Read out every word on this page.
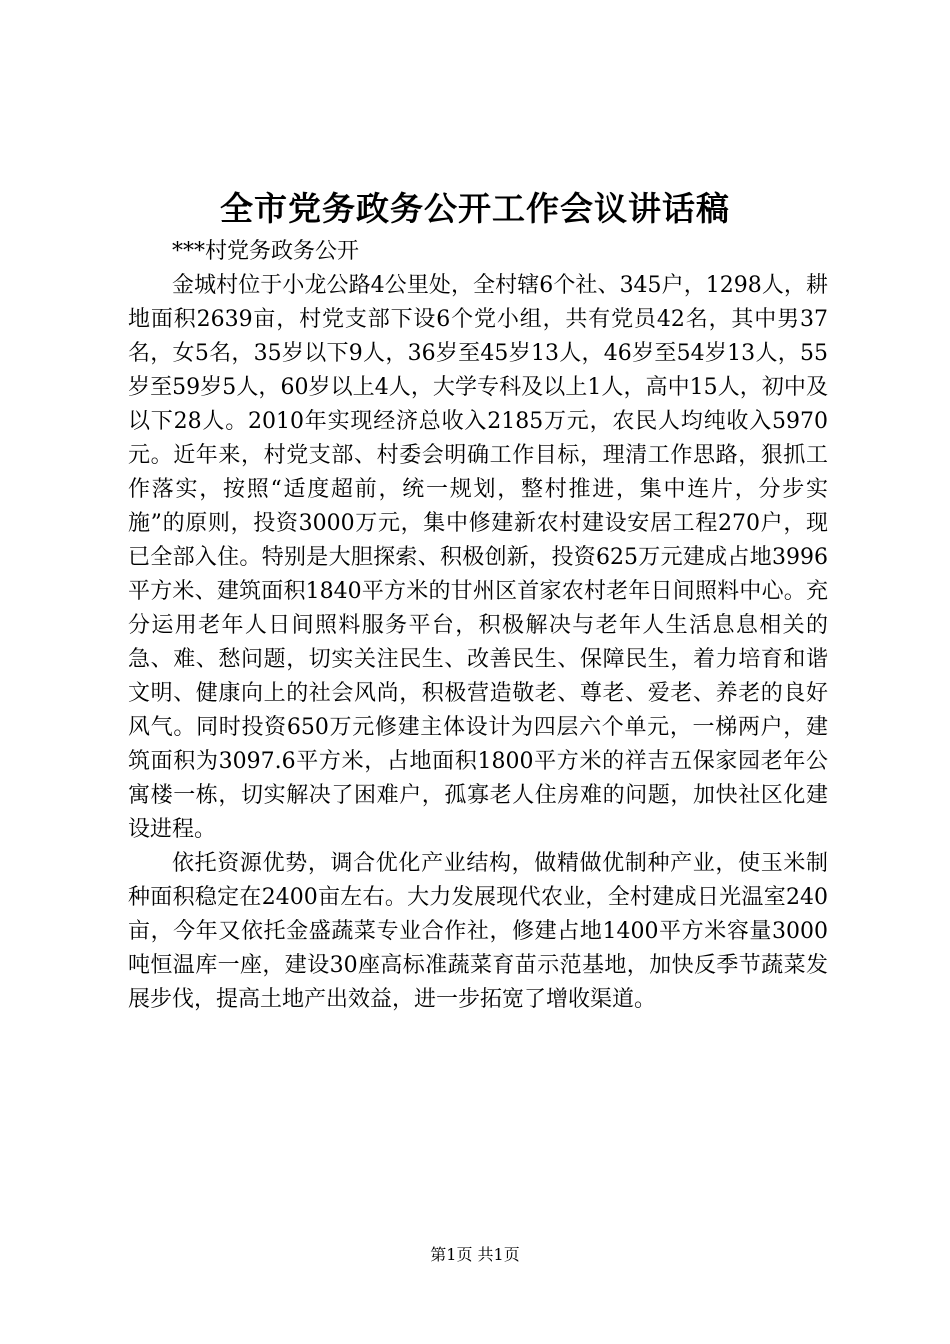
全市党务政务公开工作会议讲话稿

***村党务政务公开

金城村位于小龙公路4公里处，全村辖6个社、345户，1298人，耕地面积2639亩，村党支部下设6个党小组，共有党员42名，其中男37名，女5名，35岁以下9人，36岁至45岁13人，46岁至54岁13人，55岁至59岁5人，60岁以上4人，大学专科及以上1人，高中15人，初中及以下28人。2010年实现经济总收入2185万元，农民人均纯收入5970元。近年来，村党支部、村委会明确工作目标，理清工作思路，狠抓工作落实，按照“适度超前，统一规划，整村推进，集中连片，分步实施”的原则，投资3000万元，集中修建新农村建设安居工程270户，现已全部入住。特别是大胆探索、积极创新，投资625万元建成占地3996平方米、建筑面积1840平方米的甘州区首家农村老年日间照料中心。充分运用老年人日间照料服务平台，积极解决与老年人生活息息相关的急、难、愁问题，切实关注民生、改善民生、保障民生，着力培育和谐文明、健康向上的社会风尚，积极营造敬老、尊老、爱老、养老的良好风气。同时投资650万元修建主体设计为四层六个单元，一梯两户，建筑面积为3097.6平方米，占地面积1800平方米的祥吉五保家园老年公寓楼一栋，切实解决了困难户，孤寡老人住房难的问题，加快社区化建设进程。

依托资源优势，调合优化产业结构，做精做优制种产业，使玉米制种面积稳定在2400亩左右。大力发展现代农业，全村建成日光温室240亩，今年又依托金盛蔬菜专业合作社，修建占地1400平方米容量3000吨恒温库一座，建设30座高标准蔬菜育苗示范基地，加快反季节蔬菜发展步伐，提高土地产出效益，进一步拓宽了增收渠道。

第1页 共1页
